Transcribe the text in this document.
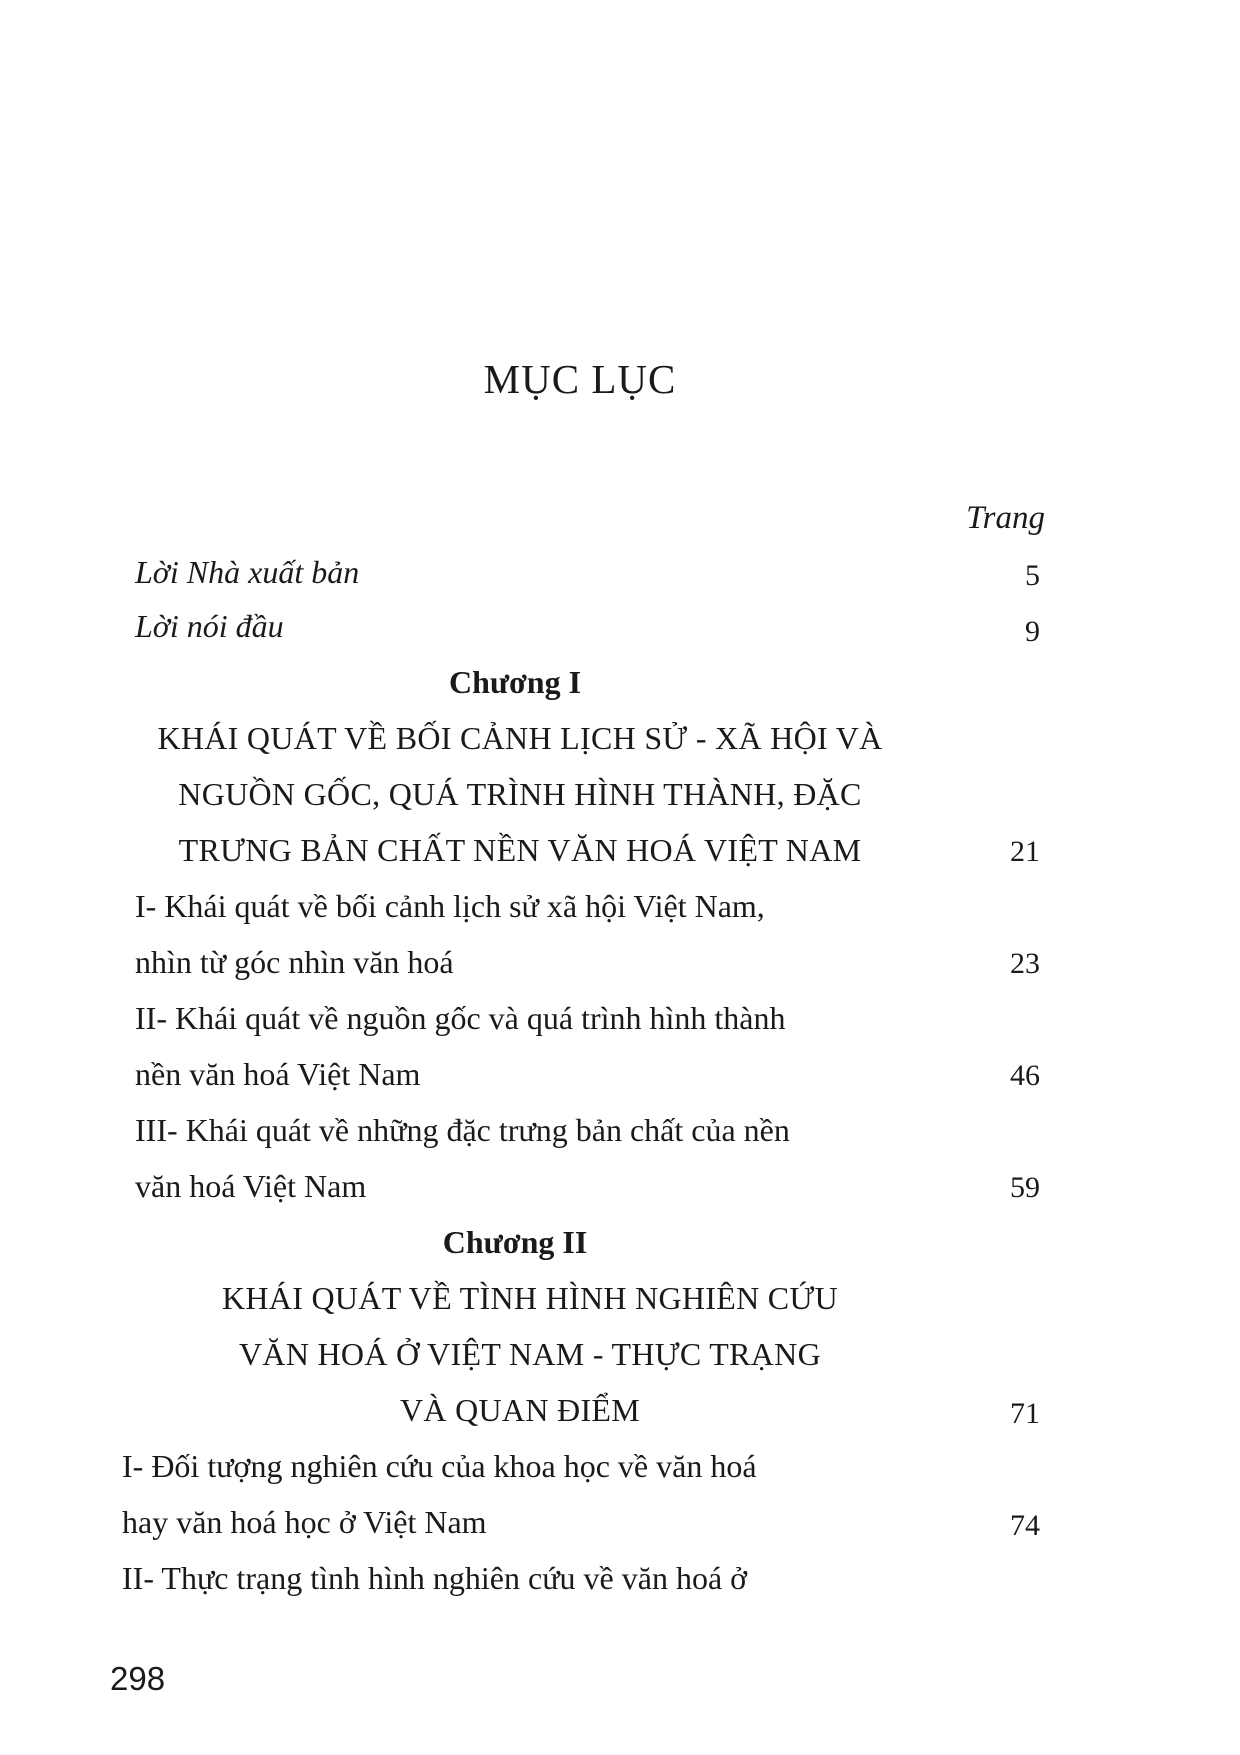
MỤC LỤC
Trang
Lời Nhà xuất bản	5
Lời nói đầu	9
Chương I
KHÁI QUÁT VỀ BỐI CẢNH LỊCH SỬ - XÃ HỘI VÀ
NGUỒN GỐC, QUÁ TRÌNH HÌNH THÀNH, ĐẶC
TRƯNG BẢN CHẤT NỀN VĂN HOÁ VIỆT NAM	21
I- Khái quát về bối cảnh lịch sử xã hội Việt Nam,
nhìn từ góc nhìn văn hoá	23
II- Khái quát về nguồn gốc và quá trình hình thành
nền văn hoá Việt Nam	46
III- Khái quát về những đặc trưng bản chất của nền
văn hoá Việt Nam	59
Chương II
KHÁI QUÁT VỀ TÌNH HÌNH NGHIÊN CỨU
VĂN HOÁ Ở VIỆT NAM - THỰC TRẠNG
VÀ QUAN ĐIỂM	71
I- Đối tượng nghiên cứu của khoa học về văn hoá
hay văn hoá học ở Việt Nam	74
II- Thực trạng tình hình nghiên cứu về văn hoá ở
298
